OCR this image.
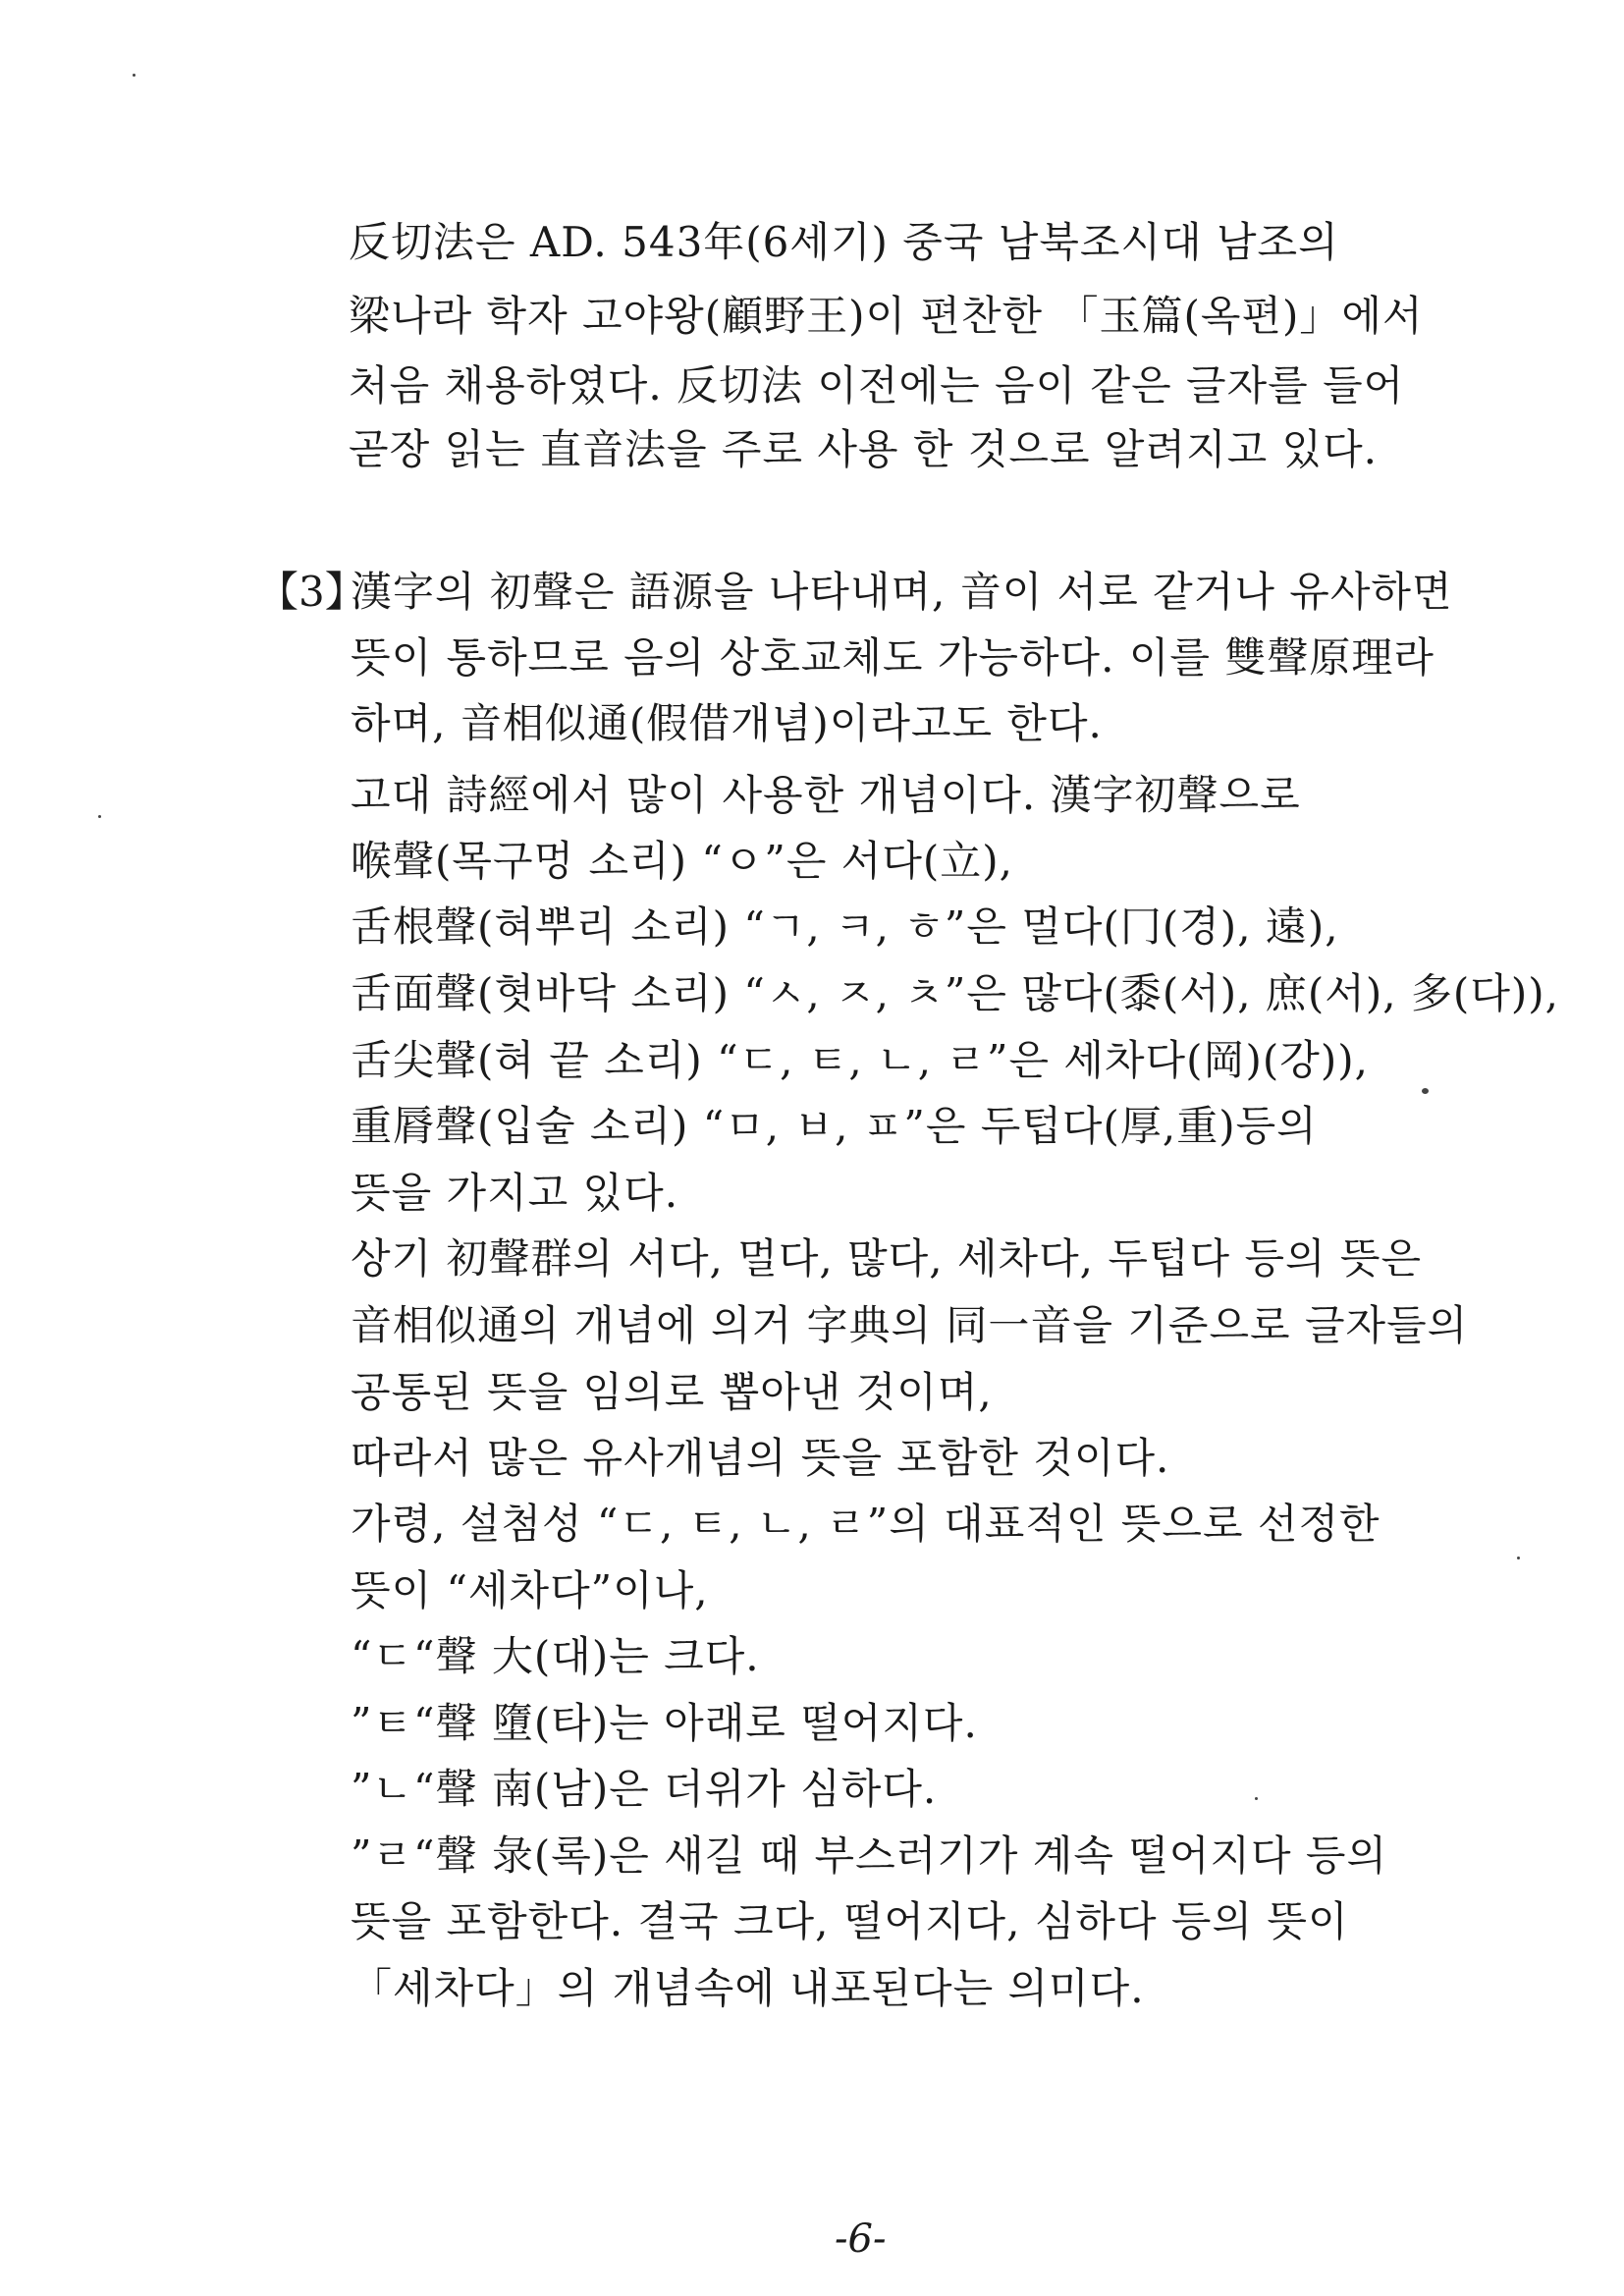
反切法은 AD. 543年(6세기) 중국 남북조시대 남조의
梁나라 학자 고야왕(顧野王)이 편찬한 「玉篇(옥편)」에서
처음 채용하였다. 反切法 이전에는 음이 같은 글자를 들어
곧장 읽는 直音法을 주로 사용 한 것으로 알려지고 있다.
【3】
漢字의 初聲은 語源을 나타내며, 音이 서로 같거나 유사하면
뜻이 통하므로 음의 상호교체도 가능하다. 이를 雙聲原理라
하며, 音相似通(假借개념)이라고도 한다.
고대 詩經에서 많이 사용한 개념이다. 漢字初聲으로
喉聲(목구멍 소리) “ㅇ”은 서다(立),
舌根聲(혀뿌리 소리) “ㄱ, ㅋ, ㅎ”은 멀다(冂(경), 遠),
舌面聲(혓바닥 소리) “ㅅ, ㅈ, ㅊ”은 많다(黍(서), 庶(서), 多(다)),
舌尖聲(혀 끝 소리) “ㄷ, ㅌ, ㄴ, ㄹ”은 세차다(岡)(강)),
重脣聲(입술 소리) “ㅁ, ㅂ, ㅍ”은 두텁다(厚,重)등의
뜻을 가지고 있다.
상기 初聲群의 서다, 멀다, 많다, 세차다, 두텁다 등의 뜻은
音相似通의 개념에 의거 字典의 同一音을 기준으로 글자들의
공통된 뜻을 임의로 뽑아낸 것이며,
따라서 많은 유사개념의 뜻을 포함한 것이다.
가령, 설첨성 “ㄷ, ㅌ, ㄴ, ㄹ”의 대표적인 뜻으로 선정한
뜻이 “세차다”이나,
“ㄷ“聲 大(대)는 크다.
”ㅌ“聲 墮(타)는 아래로 떨어지다.
”ㄴ“聲 南(남)은 더위가 심하다.
”ㄹ“聲 彔(록)은 새길 때 부스러기가 계속 떨어지다 등의
뜻을 포함한다. 결국 크다, 떨어지다, 심하다 등의 뜻이
「세차다」의 개념속에 내포된다는 의미다.
-6-
